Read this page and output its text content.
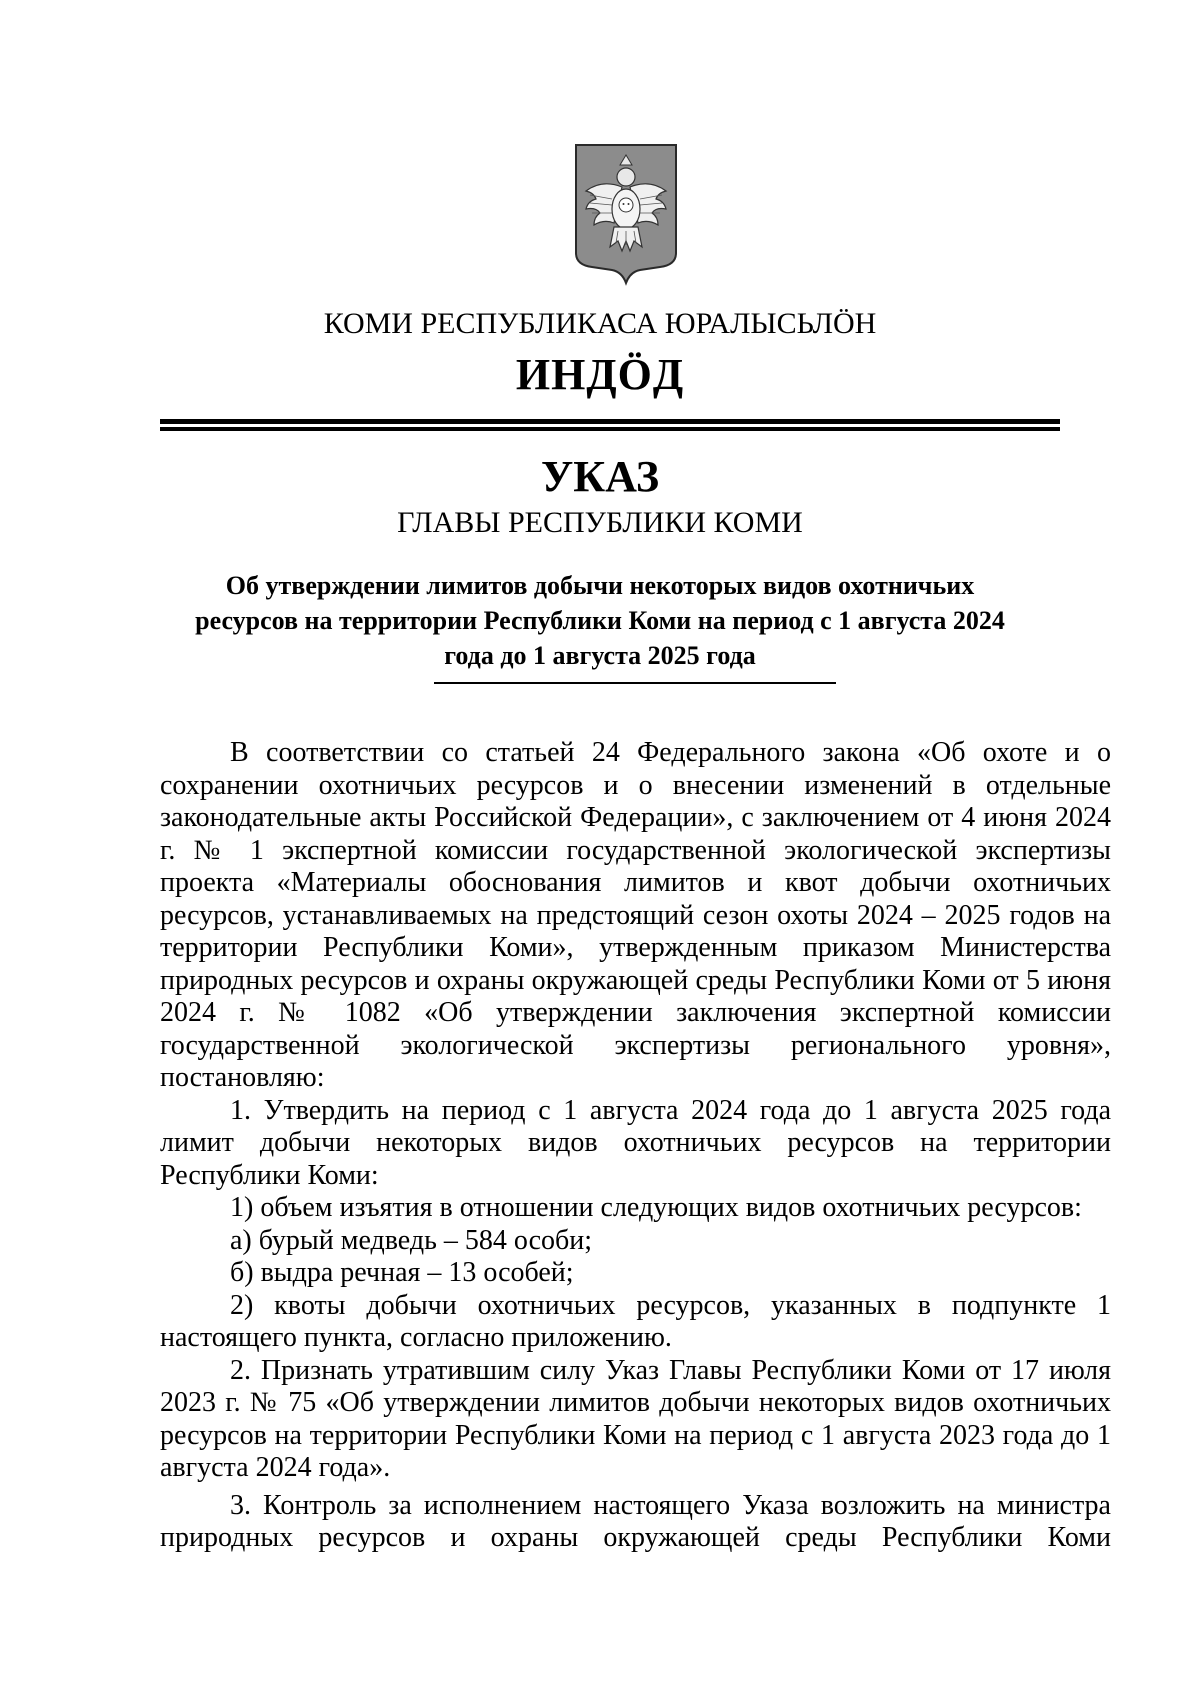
КОМИ РЕСПУБЛИКАСА ЮРАЛЫСЬЛӦН
ИНДӦД
УКАЗ
ГЛАВЫ РЕСПУБЛИКИ КОМИ
Об утверждении лимитов добычи некоторых видов охотничьих ресурсов на территории Республики Коми на период с 1 августа 2024 года до 1 августа 2025 года

В соответствии со статьей 24 Федерального закона «Об охоте и о сохранении охотничьих ресурсов и о внесении изменений в отдельные законодательные акты Российской Федерации», с заключением от 4 июня 2024 г. № 1 экспертной комиссии государственной экологической экспертизы проекта «Материалы обоснования лимитов и квот добычи охотничьих ресурсов, устанавливаемых на предстоящий сезон охоты 2024 – 2025 годов на территории Республики Коми», утвержденным приказом Министерства природных ресурсов и охраны окружающей среды Республики Коми от 5 июня 2024 г. № 1082 «Об утверждении заключения экспертной комиссии государственной экологической экспертизы регионального уровня», постановляю:

1. Утвердить на период с 1 августа 2024 года до 1 августа 2025 года лимит добычи некоторых видов охотничьих ресурсов на территории Республики Коми:

1) объем изъятия в отношении следующих видов охотничьих ресурсов:

а) бурый медведь – 584 особи;

б) выдра речная – 13 особей;

2) квоты добычи охотничьих ресурсов, указанных в подпункте 1 настоящего пункта, согласно приложению.

2. Признать утратившим силу Указ Главы Республики Коми от 17 июля 2023 г. № 75 «Об утверждении лимитов добычи некоторых видов охотничьих ресурсов на территории Республики Коми на период с 1 августа 2023 года до 1 августа 2024 года».

3. Контроль за исполнением настоящего Указа возложить на министра природных ресурсов и охраны окружающей среды Республики Коми
